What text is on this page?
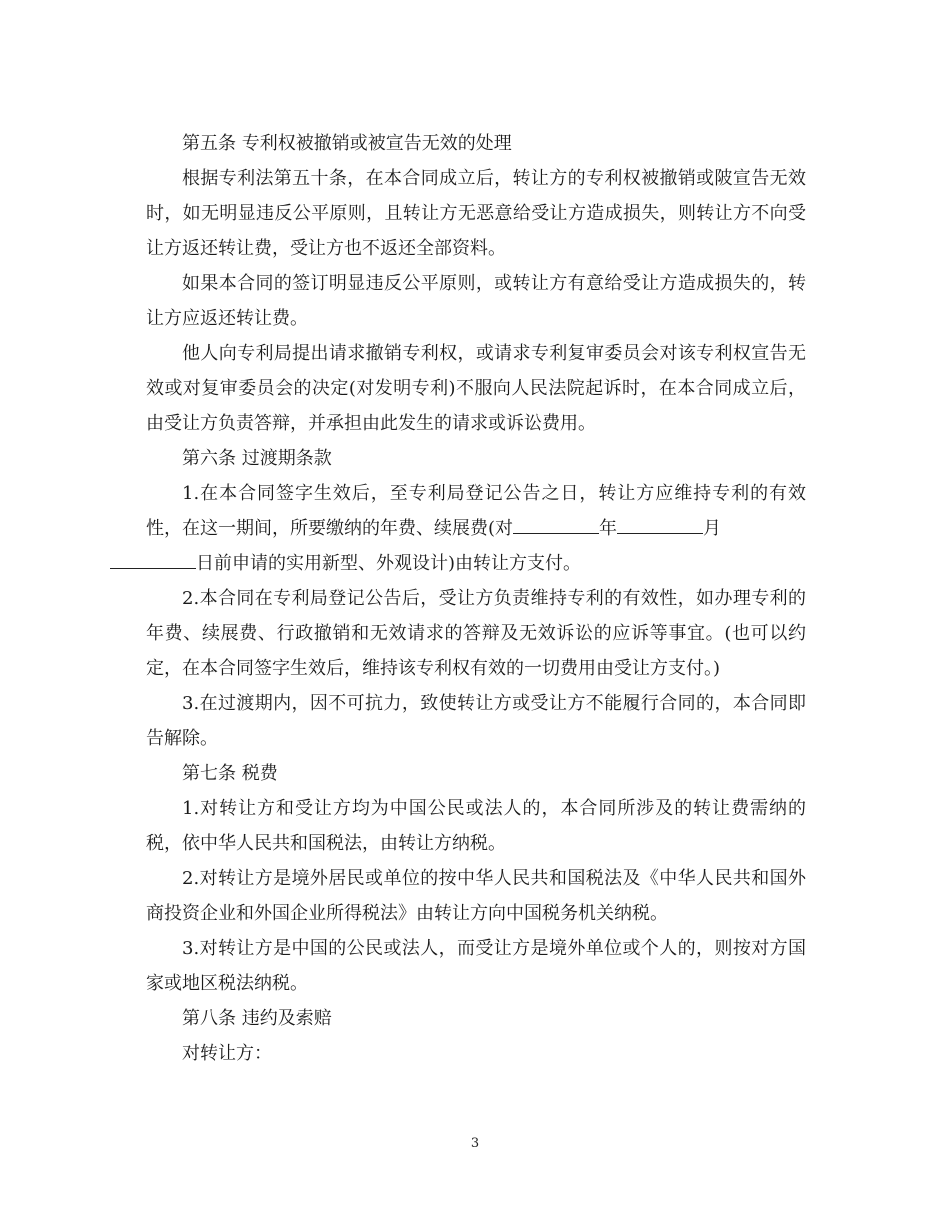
第五条 专利权被撤销或被宣告无效的处理

根据专利法第五十条，在本合同成立后，转让方的专利权被撤销或陂宣告无效时，如无明显违反公平原则，且转让方无恶意给受让方造成损失，则转让方不向受让方返还转让费，受让方也不返还全部资料。

如果本合同的签订明显违反公平原则，或转让方有意给受让方造成损失的，转让方应返还转让费。

他人向专利局提出请求撤销专利权，或请求专利复审委员会对该专利权宣告无效或对复审委员会的决定(对发明专利)不服向人民法院起诉时，在本合同成立后，由受让方负责答辩，并承担由此发生的请求或诉讼费用。

第六条 过渡期条款

1.在本合同签字生效后，至专利局登记公告之日，转让方应维持专利的有效性，在这一期间，所要缴纳的年费、续展费(对	年	月
日前申请的实用新型、外观设计)由转让方支付。

2.本合同在专利局登记公告后，受让方负责维持专利的有效性，如办理专利的年费、续展费、行政撤销和无效请求的答辩及无效诉讼的应诉等事宜。(也可以约定，在本合同签字生效后，维持该专利权有效的一切费用由受让方支付。)

3.在过渡期内，因不可抗力，致使转让方或受让方不能履行合同的，本合同即告解除。

第七条 税费

1.对转让方和受让方均为中国公民或法人的，本合同所涉及的转让费需纳的税，依中华人民共和国税法，由转让方纳税。

2.对转让方是境外居民或单位的按中华人民共和国税法及《中华人民共和国外商投资企业和外国企业所得税法》由转让方向中国税务机关纳税。

3.对转让方是中国的公民或法人，而受让方是境外单位或个人的，则按对方国家或地区税法纳税。

第八条 违约及索赔

对转让方：

3
